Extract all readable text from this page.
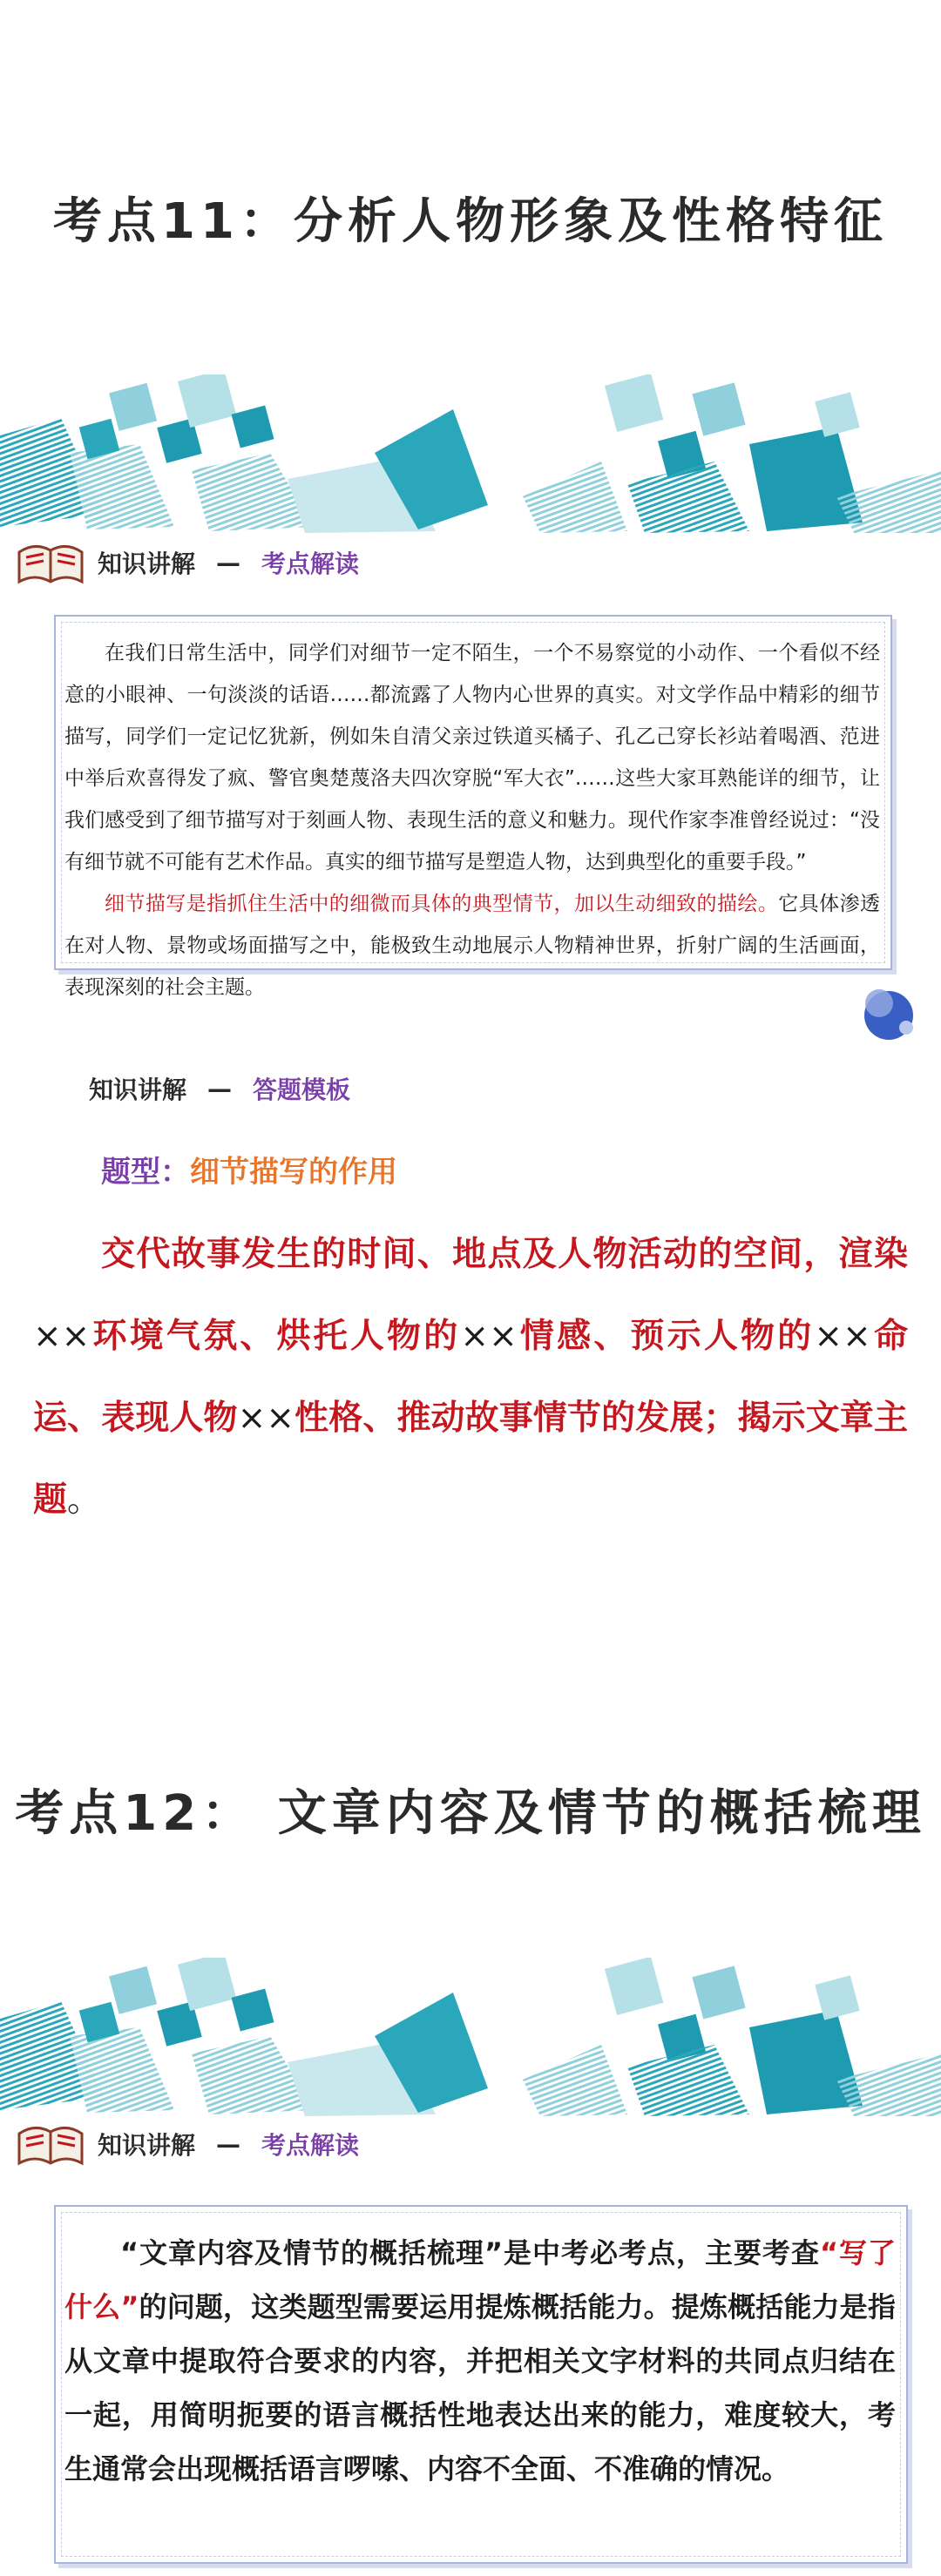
考点11：分析人物形象及性格特征
知识讲解 — 考点解读

在我们日常生活中，同学们对细节一定不陌生，一个不易察觉的小动作、一个看似不经意的小眼神、一句淡淡的话语……都流露了人物内心世界的真实。对文学作品中精彩的细节描写，同学们一定记忆犹新，例如朱自清父亲过铁道买橘子、孔乙己穿长衫站着喝酒、范进中举后欢喜得发了疯、警官奥楚蔑洛夫四次穿脱“军大衣”……这些大家耳熟能详的细节，让我们感受到了细节描写对于刻画人物、表现生活的意义和魅力。现代作家李准曾经说过：“没有细节就不可能有艺术作品。真实的细节描写是塑造人物，达到典型化的重要手段。”

细节描写是指抓住生活中的细微而具体的典型情节，加以生动细致的描绘。它具体渗透在对人物、景物或场面描写之中，能极致生动地展示人物精神世界，折射广阔的生活画面，表现深刻的社会主题。

知识讲解 — 答题模板
题型：细节描写的作用

交代故事发生的时间、地点及人物活动的空间，渲染××环境气氛、烘托人物的××情感、预示人物的××命运、表现人物××性格、推动故事情节的发展；揭示文章主题。

考点12： 文章内容及情节的概括梳理
知识讲解 — 考点解读

“文章内容及情节的概括梳理”是中考必考点，主要考查“写了什么”的问题，这类题型需要运用提炼概括能力。提炼概括能力是指从文章中提取符合要求的内容，并把相关文字材料的共同点归结在一起，用简明扼要的语言概括性地表达出来的能力，难度较大，考生通常会出现概括语言啰嗦、内容不全面、不准确的情况。
